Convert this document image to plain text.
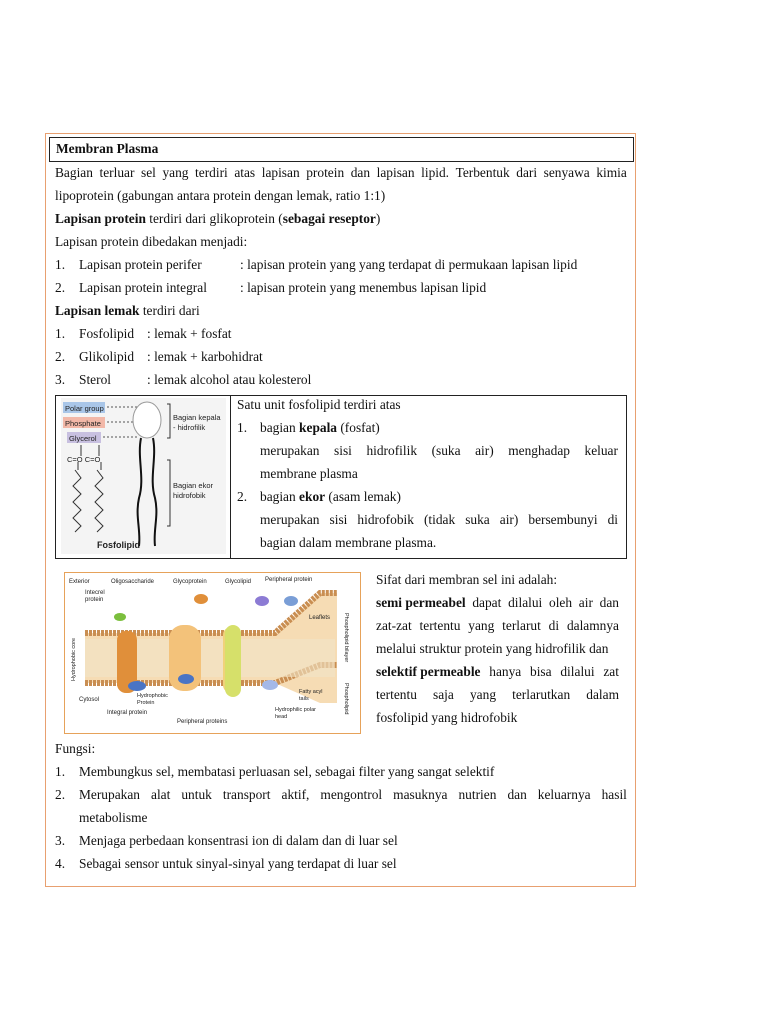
Membran Plasma
Bagian terluar sel yang terdiri atas lapisan protein dan lapisan lipid. Terbentuk dari senyawa kimia
lipoprotein (gabungan antara protein dengan lemak, ratio 1:1)
Lapisan protein terdiri dari glikoprotein (sebagai reseptor)
Lapisan protein dibedakan menjadi:
1.	Lapisan protein perifer	: lapisan protein yang yang terdapat di permukaan lapisan lipid
2.	Lapisan protein integral : lapisan protein yang menembus lapisan lipid
Lapisan lemak terdiri dari
1.	Fosfolipid : lemak + fosfat
2.	Glikolipid : lemak + karbohidrat
3.	Sterol	: lemak alcohol atau kolesterol
Polar group
Phosphate
Glycerol
C=O C=O
Bagian kepala
- hidrofilik
Bagian ekor
hidrofobik
Fosfolipid
Satu unit fosfolipid terdiri atas
1. bagian kepala (fosfat)
merupakan sisi hidrofilik (suka air) menghadap keluar
membrane plasma
2. bagian ekor (asam lemak)
merupakan sisi hidrofobik (tidak suka air) bersembunyi di
bagian dalam membrane plasma.
Exterior	Oligosaccharide	Glycoprotein	Glycolipid Peripheral protein
Intecrel
protein
Leaflets Phospholipid bilayer
Phospholipid
Hydrophobic core
Fatty acyl
tails
Hydrophilic polar
head
Cytosol
Hydrophobic
Protein
Integral protein
Peripheral proteins
Sifat dari membran sel ini adalah:
semi permeabel dapat dilalui oleh air dan
zat-zat tertentu yang terlarut di dalamnya
melalui struktur protein yang hidrofilik dan
selektif permeable hanya bisa dilalui zat
tertentu saja yang terlarutkan dalam
fosfolipid yang hidrofobik
Fungsi:
1.	Membungkus sel, membatasi perluasan sel, sebagai filter yang sangat selektif
2.	Merupakan alat untuk transport aktif, mengontrol masuknya nutrien dan keluarnya hasil
metabolisme
3.	Menjaga perbedaan konsentrasi ion di dalam dan di luar sel
4.	Sebagai sensor untuk sinyal-sinyal yang terdapat di luar sel
